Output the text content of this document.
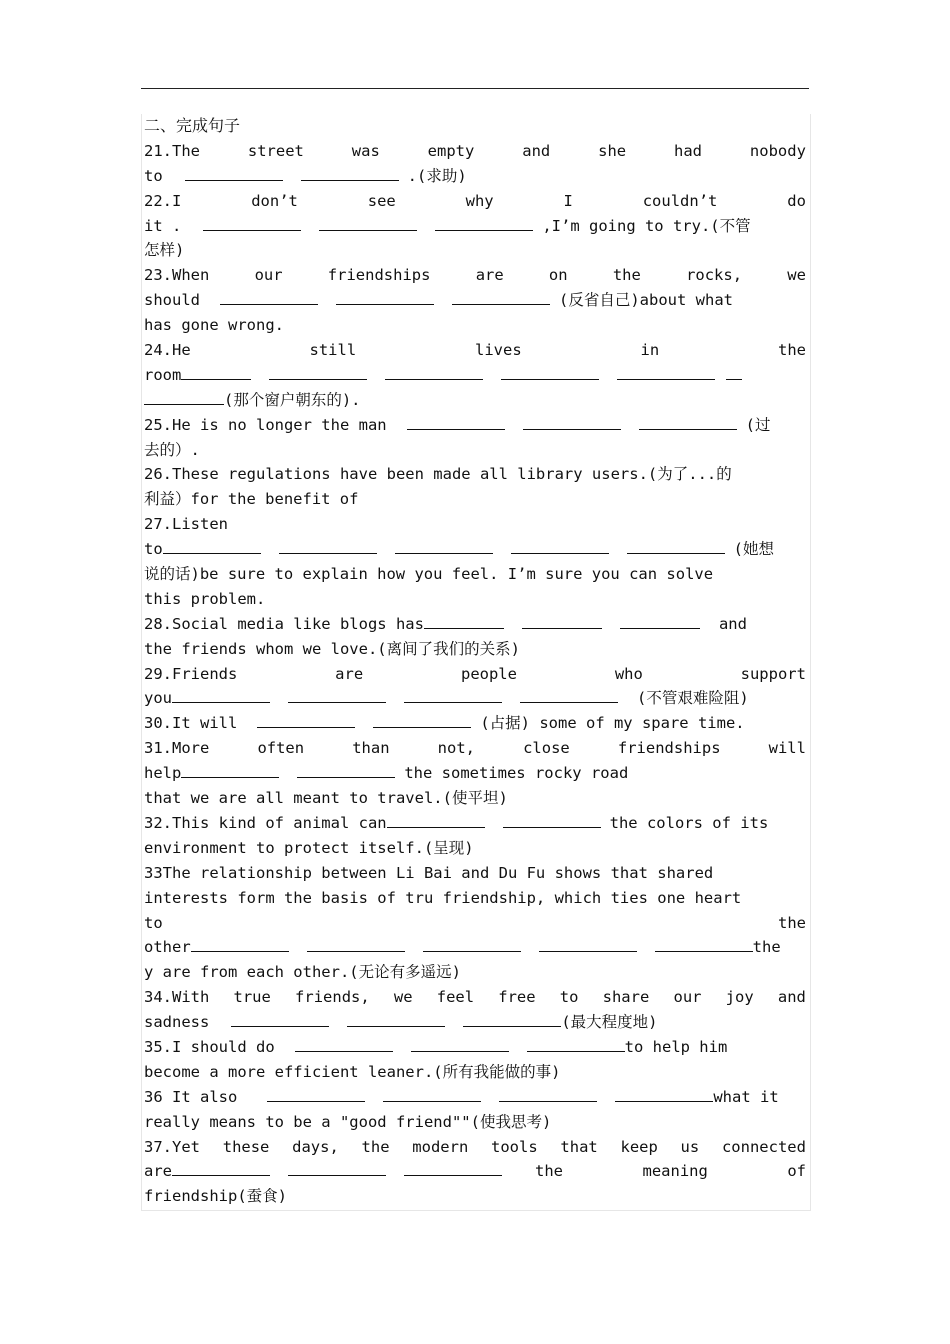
二、完成句子
21.The	street	was	empty	and	she	had	nobody
to	.(求助)
22.I	don’t	see	why	I	couldn’t	do
it .	,I’m going to try.(不管
怎样)
23.When	our	friendships	are	on	the	rocks,	we
should	(反省自己)about what
has gone wrong.
24.He	still	lives	in	the
room
(那个窗户朝东的).
25.He is no longer the man	(过
去的）.
26.These regulations have been made all library users.(为了...的
利益）for the benefit of
27.Listen
to	(她想
说的话)be sure to explain how you feel. I’m sure you can solve
this problem.
28.Social media like blogs has	and
the friends whom we love.(离间了我们的关系)
29.Friends	are	people	who	support
you	(不管艰难险阻)
30.It will	(占据) some of my spare time.
31.More	often	than	not,	close	friendships	will
help	the sometimes rocky road
that we are all meant to travel.(使平坦)
32.This kind of animal can	the colors of its
environment to protect itself.(呈现)
33The relationship between Li Bai and Du Fu shows that shared
interests form the basis of tru friendship, which ties one heart
to	the
other	the
y are from each other.(无论有多遥远)
34.With true friends, we feel free to share our joy and
sadness	(最大程度地)
35.I should do	to help him
become a more efficient leaner.(所有我能做的事)
36 It also	what it
really means to be a "good friend""(使我思考)
37.Yet these days, the modern tools that keep us connected
are	the	meaning	of
friendship(蚕食)
